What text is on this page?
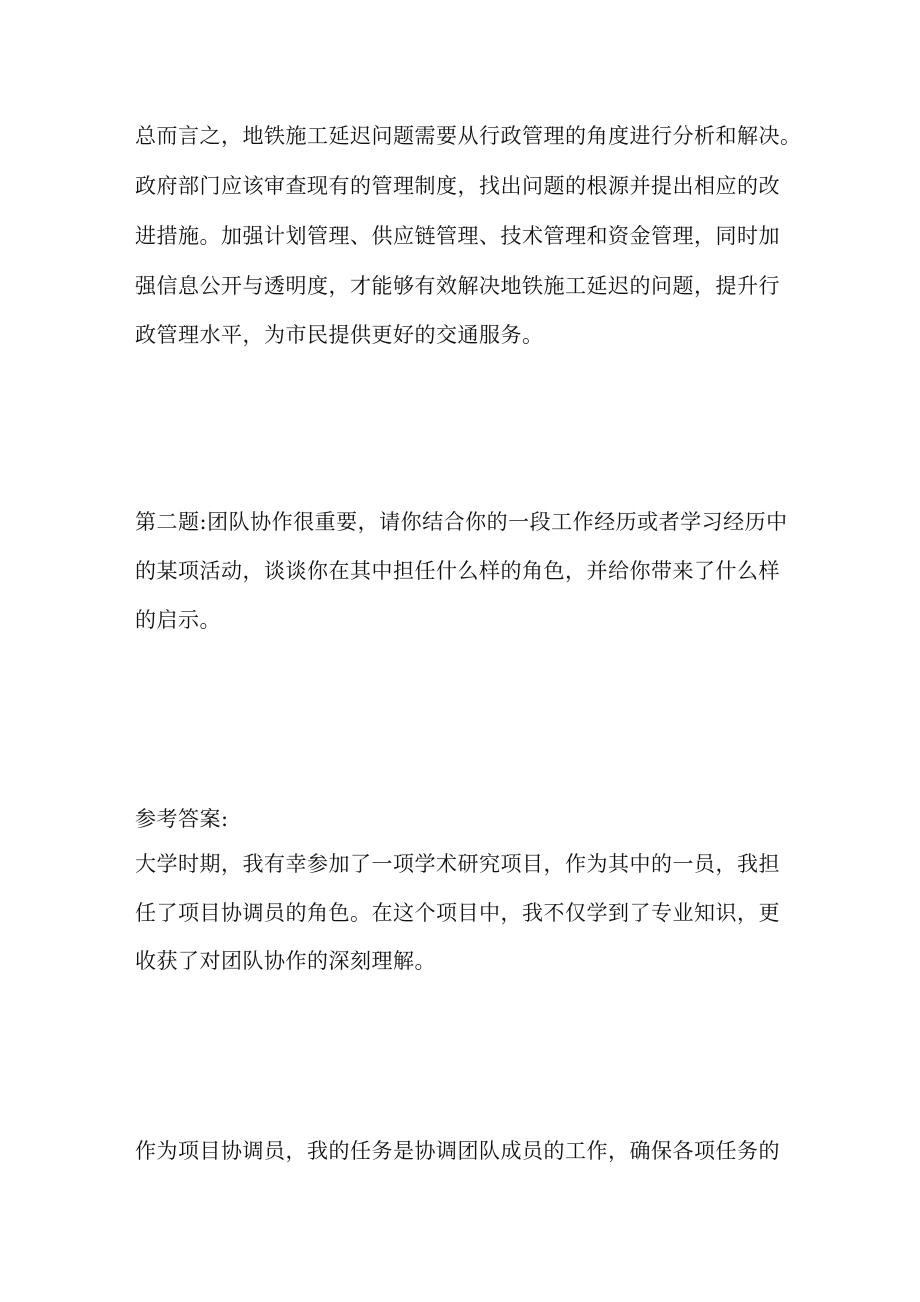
总而言之，地铁施工延迟问题需要从行政管理的角度进行分析和解决。
政府部门应该审查现有的管理制度，找出问题的根源并提出相应的改
进措施。加强计划管理、供应链管理、技术管理和资金管理，同时加
强信息公开与透明度，才能够有效解决地铁施工延迟的问题，提升行
政管理水平，为市民提供更好的交通服务。
第二题:团队协作很重要，请你结合你的一段工作经历或者学习经历中
的某项活动，谈谈你在其中担任什么样的角色，并给你带来了什么样
的启示。
参考答案:
大学时期，我有幸参加了一项学术研究项目，作为其中的一员，我担
任了项目协调员的角色。在这个项目中，我不仅学到了专业知识，更
收获了对团队协作的深刻理解。
作为项目协调员，我的任务是协调团队成员的工作，确保各项任务的
